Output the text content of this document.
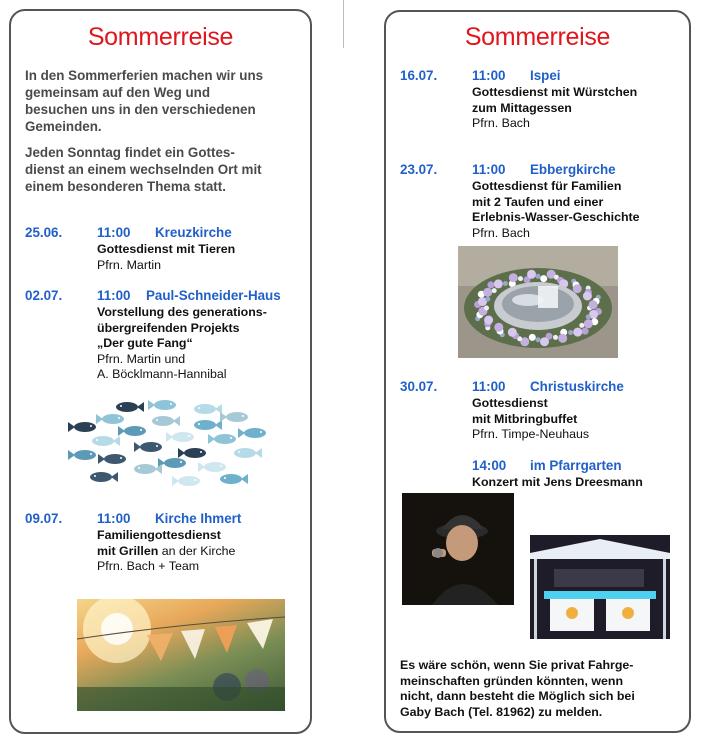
Sommerreise
In den Sommerferien machen wir uns
gemeinsam auf den Weg und
besuchen uns in den verschiedenen
Gemeinden.
Jeden Sonntag findet ein Gottes-
dienst an einem wechselnden Ort mit
einem besonderen Thema statt.
25.06.	11:00 Kreuzkirche
Gottesdienst mit Tieren
Pfrn. Martin
02.07.	11:00 Paul-Schneider-Haus
Vorstellung des generations-
übergreifenden Projekts
„Der gute Fang“
Pfrn. Martin und
A. Böcklmann-Hannibal
09.07.	11:00 Kirche Ihmert
Familiengottesdienst
mit Grillen an der Kirche
Pfrn. Bach + Team
Sommerreise
16.07.	11:00 Ispei
Gottesdienst mit Würstchen
zum Mittagessen
Pfrn. Bach
23.07.	11:00 Ebbergkirche
Gottesdienst für Familien
mit 2 Taufen und einer
Erlebnis-Wasser-Geschichte
Pfrn. Bach
30.07.	11:00 Christuskirche
Gottesdienst
mit Mitbringbuffet
Pfrn. Timpe-Neuhaus
14:00 im Pfarrgarten
Konzert mit Jens Dreesmann
Es wäre schön, wenn Sie privat Fahrge-
meinschaften gründen könnten, wenn
nicht, dann besteht die Möglich sich bei
Gaby Bach (Tel. 81962) zu melden.
